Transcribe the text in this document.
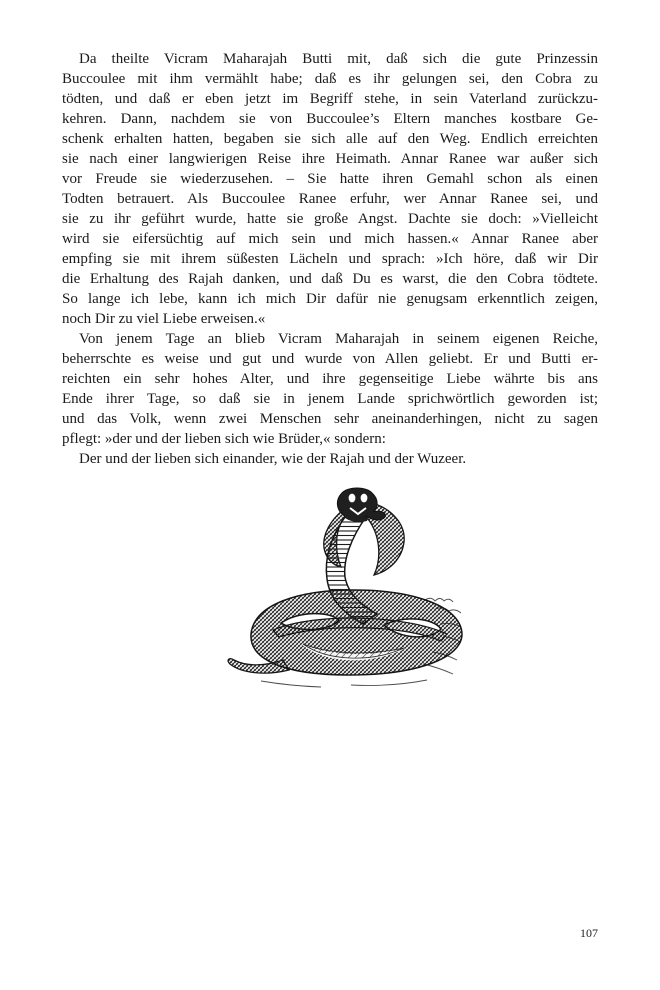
Da theilte Vicram Maharajah Butti mit, daß sich die gute Prinzessin

Buccoulee mit ihm vermählt habe; daß es ihr gelungen sei, den Cobra zu

tödten, und daß er eben jetzt im Begriff stehe, in sein Vaterland zurückzu-

kehren. Dann, nachdem sie von Buccoulee’s Eltern manches kostbare Ge-

schenk erhalten hatten, begaben sie sich alle auf den Weg. Endlich erreichten

sie nach einer langwierigen Reise ihre Heimath. Annar Ranee war außer sich

vor Freude sie wiederzusehen. – Sie hatte ihren Gemahl schon als einen

Todten betrauert. Als Buccoulee Ranee erfuhr, wer Annar Ranee sei, und

sie zu ihr geführt wurde, hatte sie große Angst. Dachte sie doch: »Vielleicht

wird sie eifersüchtig auf mich sein und mich hassen.« Annar Ranee aber

empfing sie mit ihrem süßesten Lächeln und sprach: »Ich höre, daß wir Dir

die Erhaltung des Rajah danken, und daß Du es warst, die den Cobra tödtete.

So lange ich lebe, kann ich mich Dir dafür nie genugsam erkenntlich zeigen,

noch Dir zu viel Liebe erweisen.«

Von jenem Tage an blieb Vicram Maharajah in seinem eigenen Reiche,

beherrschte es weise und gut und wurde von Allen geliebt. Er und Butti er-

reichten ein sehr hohes Alter, und ihre gegenseitige Liebe währte bis ans

Ende ihrer Tage, so daß sie in jenem Lande sprichwörtlich geworden ist;

und das Volk, wenn zwei Menschen sehr aneinanderhingen, nicht zu sagen

pflegt: »der und der lieben sich wie Brüder,« sondern:

Der und der lieben sich einander, wie der Rajah und der Wuzeer.

107
